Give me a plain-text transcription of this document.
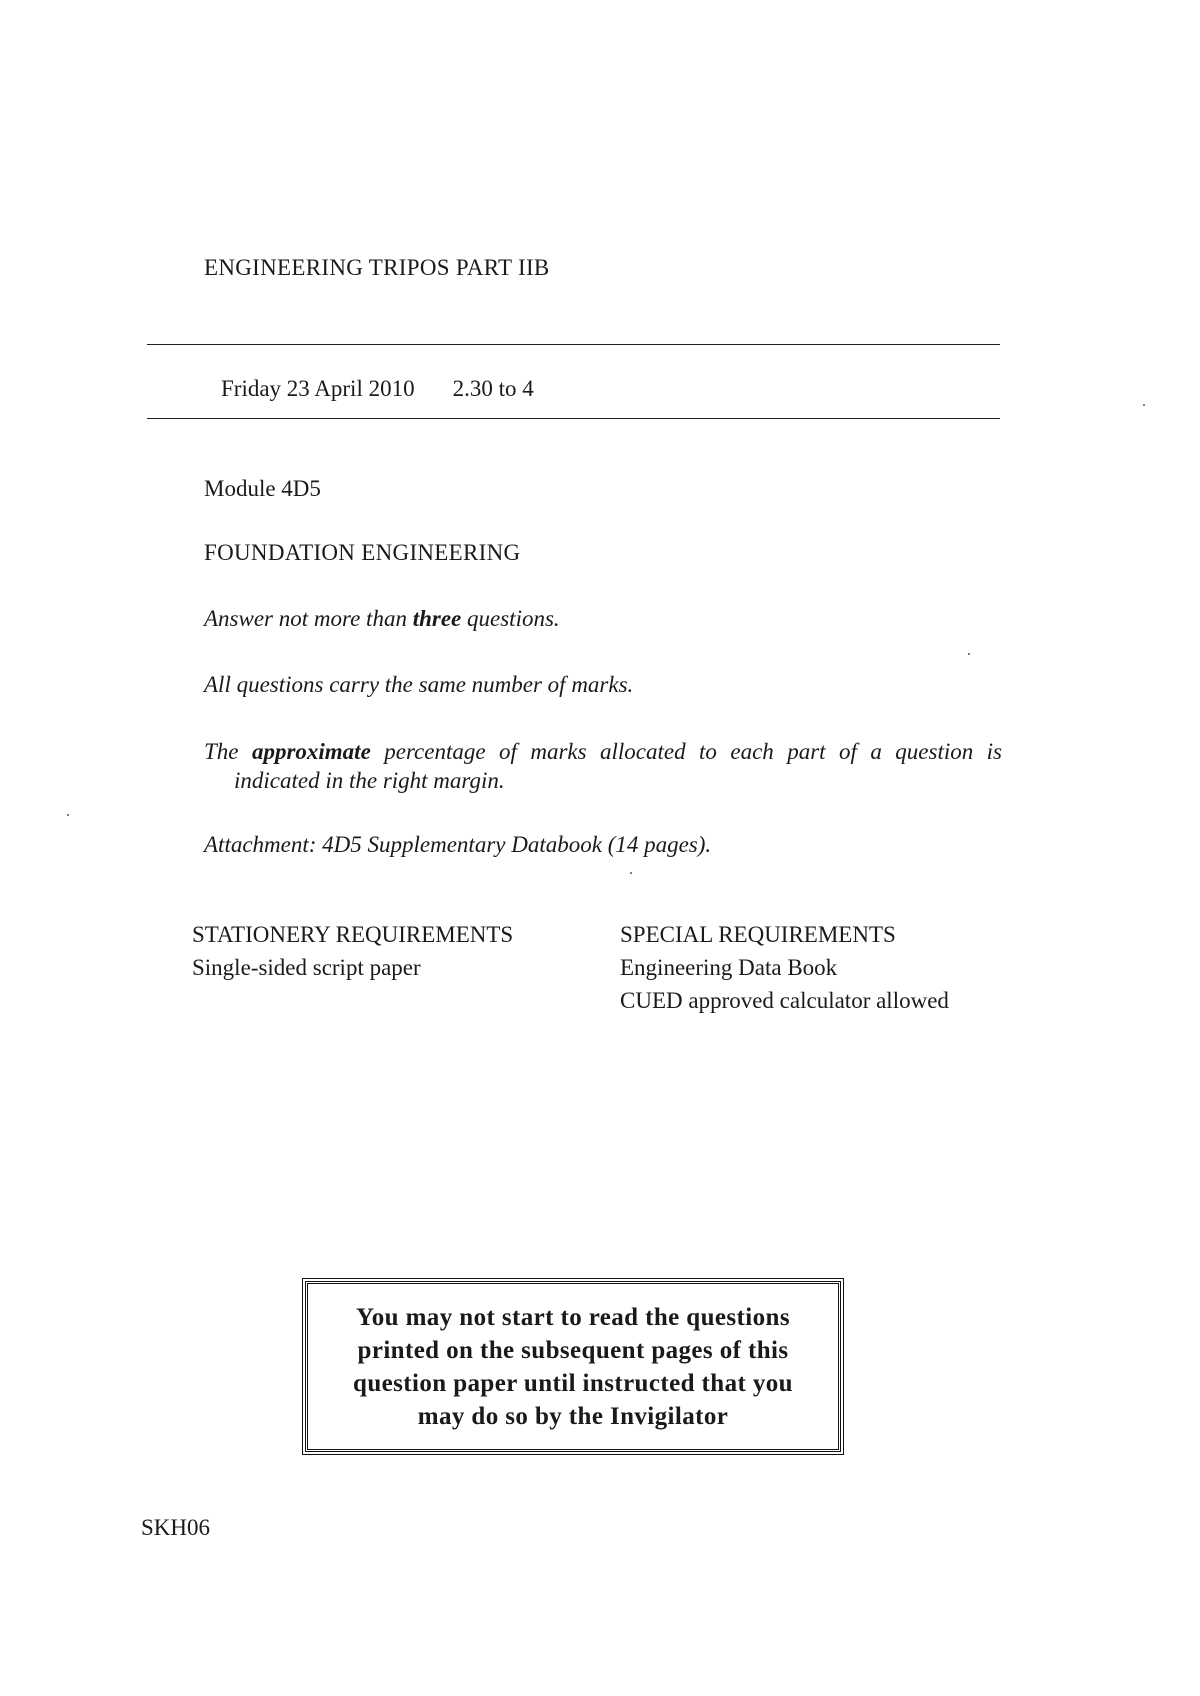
ENGINEERING TRIPOS PART IIB
Friday 23 April 2010 2.30 to 4
Module 4D5
FOUNDATION ENGINEERING
Answer not more than three questions.
All questions carry the same number of marks.
The approximate percentage of marks allocated to each part of a question is
indicated in the right margin.
Attachment: 4D5 Supplementary Databook (14 pages).
STATIONERY REQUIREMENTS
Single-sided script paper
SPECIAL REQUIREMENTS
Engineering Data Book
CUED approved calculator allowed
You may not start to read the questions printed on the subsequent pages of this question paper until instructed that you may do so by the Invigilator
SKH06
